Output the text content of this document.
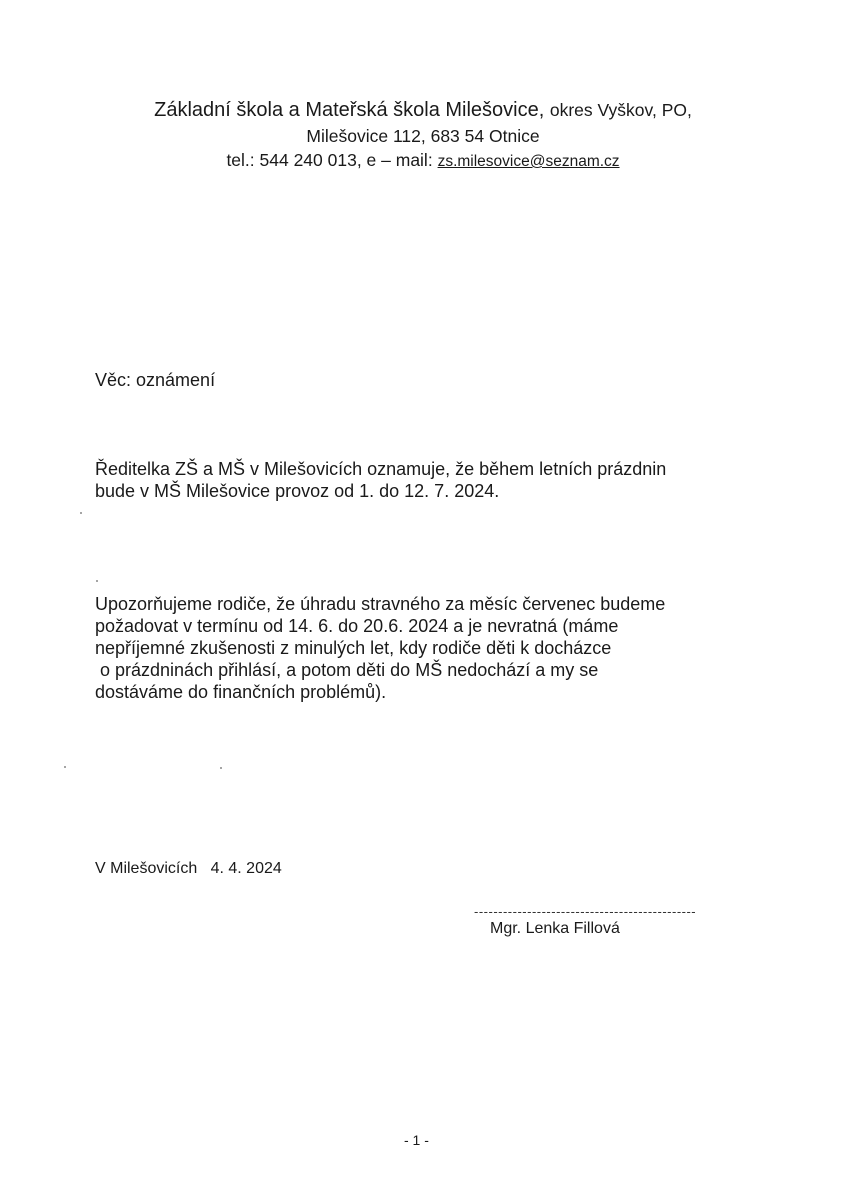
Základní škola a Mateřská škola Milešovice, okres Vyškov, PO,
Milešovice 112, 683 54 Otnice
tel.: 544 240 013, e – mail: zs.milesovice@seznam.cz
Věc: oznámení
Ředitelka ZŠ a MŠ v Milešovicích oznamuje, že během letních prázdnin
bude v MŠ Milešovice provoz od 1. do 12. 7. 2024.
Upozorňujeme rodiče, že úhradu stravného za měsíc červenec budeme
požadovat v termínu od 14. 6. do 20.6. 2024 a je nevratná (máme
nepříjemné zkušenosti z minulých let, kdy rodiče děti k docházce
o prázdninách přihlásí, a potom děti do MŠ nedochází a my se
dostáváme do finančních problémů).
V Milešovicích   4. 4. 2024
----------------------------------------------
Mgr. Lenka Fillová
- 1 -
